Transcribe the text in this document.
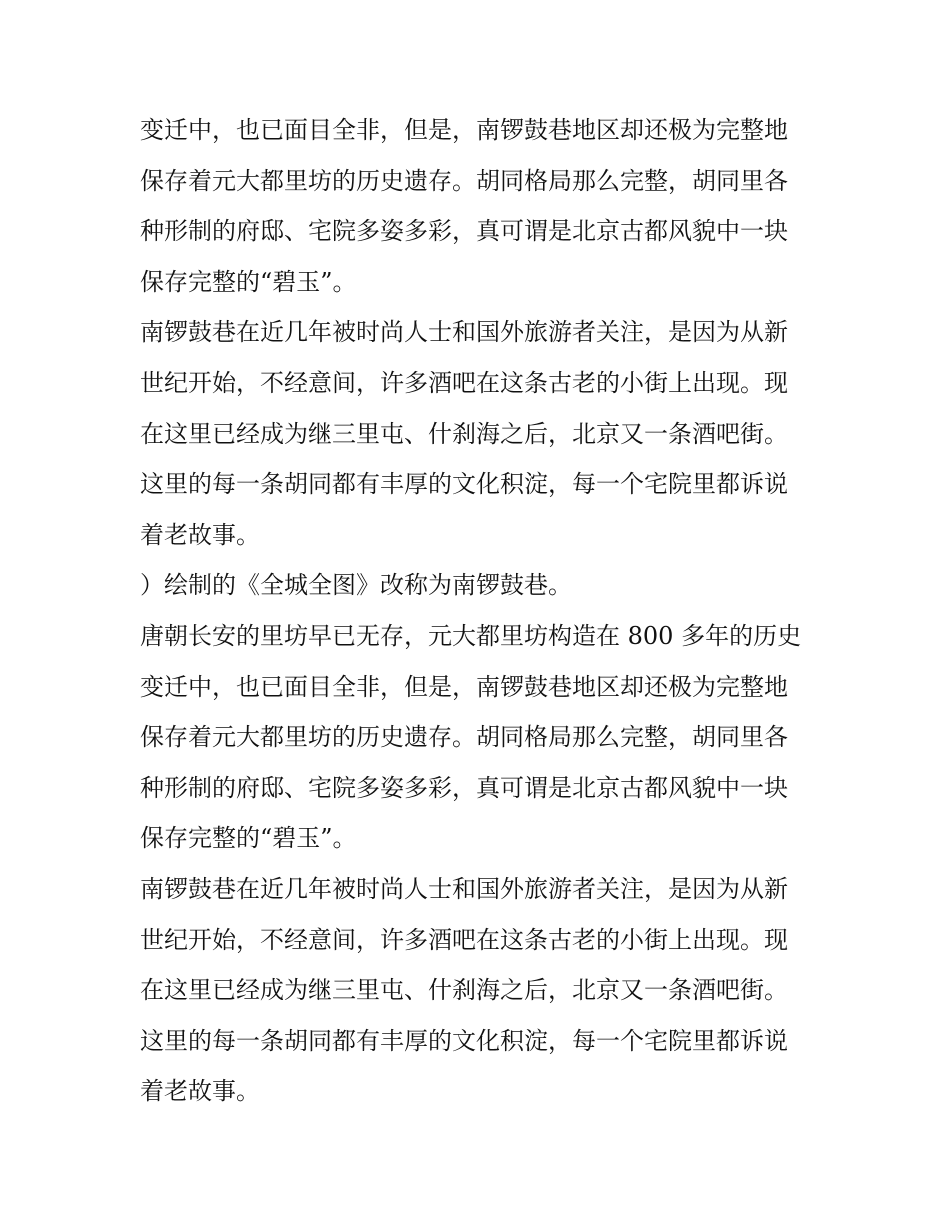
变迁中，也已面目全非，但是，南锣鼓巷地区却还极为完整地
保存着元大都里坊的历史遗存。胡同格局那么完整，胡同里各
种形制的府邸、宅院多姿多彩，真可谓是北京古都风貌中一块
保存完整的“碧玉”。
南锣鼓巷在近几年被时尚人士和国外旅游者关注，是因为从新
世纪开始，不经意间，许多酒吧在这条古老的小街上出现。现
在这里已经成为继三里屯、什刹海之后，北京又一条酒吧街。
这里的每一条胡同都有丰厚的文化积淀，每一个宅院里都诉说
着老故事。
）绘制的《全城全图》改称为南锣鼓巷。
唐朝长安的里坊早已无存，元大都里坊构造在 800 多年的历史
变迁中，也已面目全非，但是，南锣鼓巷地区却还极为完整地
保存着元大都里坊的历史遗存。胡同格局那么完整，胡同里各
种形制的府邸、宅院多姿多彩，真可谓是北京古都风貌中一块
保存完整的“碧玉”。
南锣鼓巷在近几年被时尚人士和国外旅游者关注，是因为从新
世纪开始，不经意间，许多酒吧在这条古老的小街上出现。现
在这里已经成为继三里屯、什刹海之后，北京又一条酒吧街。
这里的每一条胡同都有丰厚的文化积淀，每一个宅院里都诉说
着老故事。
